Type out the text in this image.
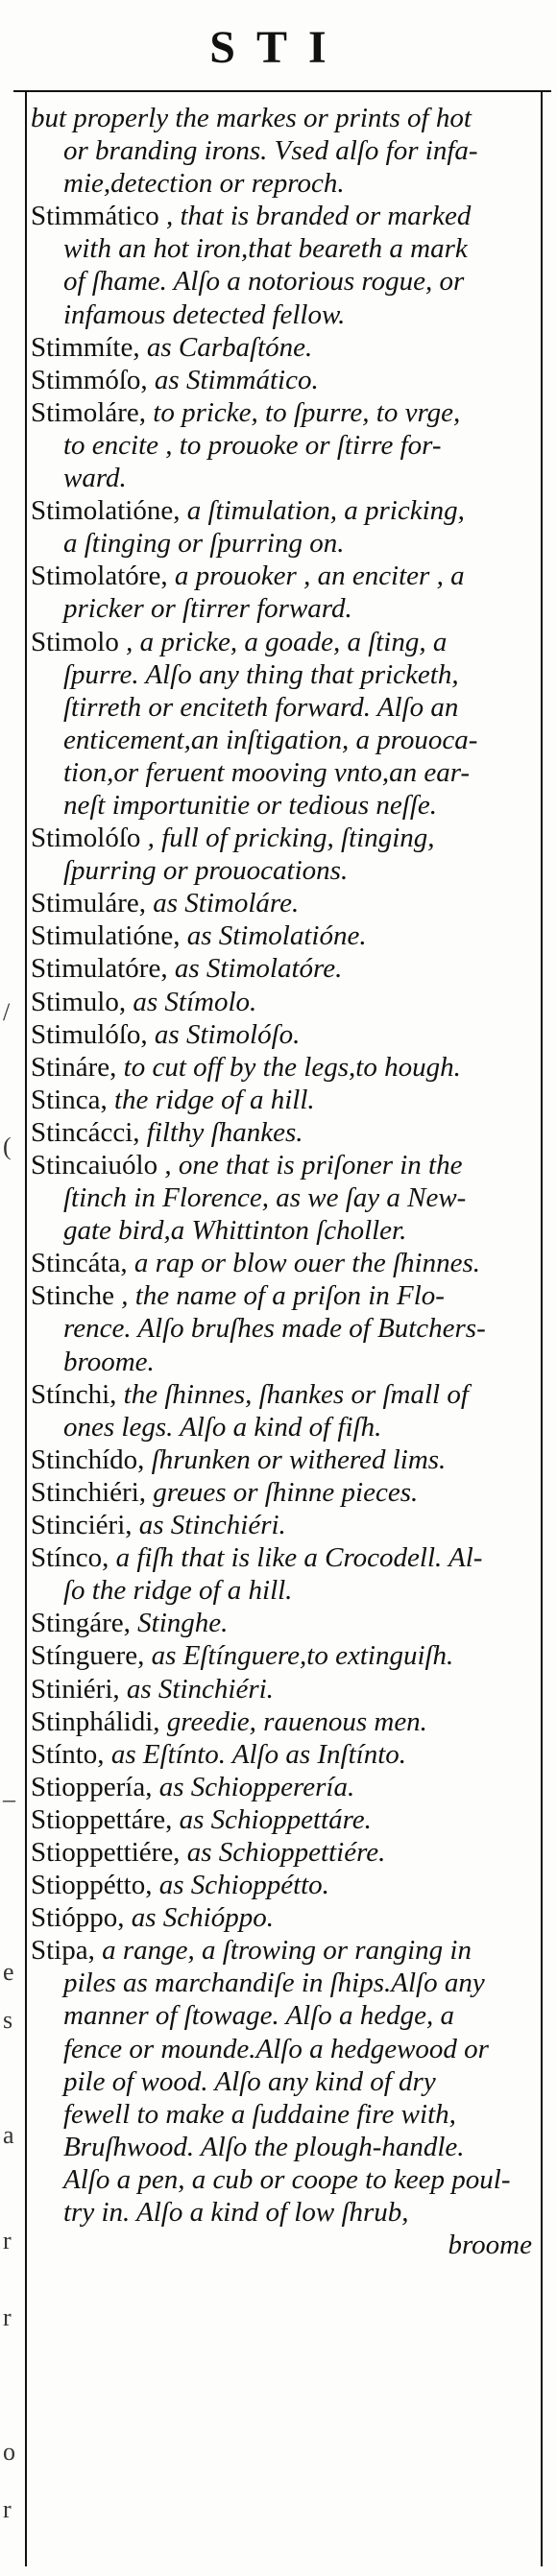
STI
/
(
–
e
s
a
r
r
o
r
but properly the markes or prints of hot
or branding irons. Vsed alſo for infa-
mie,detection or reproch.
Stimmático , that is branded or marked
with an hot iron,that beareth a mark
of ſhame. Alſo a notorious rogue, or
infamous detected fellow.
Stimmíte, as Carbaſtóne.
Stimmóſo, as Stimmático.
Stimoláre, to pricke, to ſpurre, to vrge,
to encite , to prouoke or ſtirre for-
ward.
Stimolatióne, a ſtimulation, a pricking,
a ſtinging or ſpurring on.
Stimolatóre, a prouoker , an enciter , a
pricker or ſtirrer forward.
Stimolo , a pricke, a goade, a ſting, a
ſpurre. Alſo any thing that pricketh,
ſtirreth or enciteth forward. Alſo an
enticement,an inſtigation, a prouoca-
tion,or feruent mooving vnto,an ear-
neſt importunitie or tedious neſſe.
Stimolóſo , full of pricking, ſtinging,
ſpurring or prouocations.
Stimuláre, as Stimoláre.
Stimulatióne, as Stimolatióne.
Stimulatóre, as Stimolatóre.
Stimulo, as Stímolo.
Stimulóſo, as Stimolóſo.
Stináre, to cut off by the legs,to hough.
Stinca, the ridge of a hill.
Stincácci, filthy ſhankes.
Stincaiuólo , one that is priſoner in the
ſtinch in Florence, as we ſay a New-
gate bird,a Whittinton ſcholler.
Stincáta, a rap or blow ouer the ſhinnes.
Stinche , the name of a priſon in Flo-
rence. Alſo bruſhes made of Butchers-
broome.
Stínchi, the ſhinnes, ſhankes or ſmall of
ones legs. Alſo a kind of fiſh.
Stinchído, ſhrunken or withered lims.
Stinchiéri, greues or ſhinne pieces.
Stinciéri, as Stinchiéri.
Stínco, a fiſh that is like a Crocodell. Al-
ſo the ridge of a hill.
Stingáre, Stinghe.
Stínguere, as Eſtínguere,to extinguiſh.
Stiniéri, as Stinchiéri.
Stinphálidi, greedie, rauenous men.
Stínto, as Eſtínto. Alſo as Inſtínto.
Stioppería, as Schiopperería.
Stioppettáre, as Schioppettáre.
Stioppettiére, as Schioppettiére.
Stioppétto, as Schioppétto.
Stióppo, as Schióppo.
Stipa, a range, a ſtrowing or ranging in
piles as marchandiſe in ſhips.Alſo any
manner of ſtowage. Alſo a hedge, a
fence or mounde.Alſo a hedgewood or
pile of wood. Alſo any kind of dry
fewell to make a ſuddaine fire with,
Bruſhwood. Alſo the plough-handle.
Alſo a pen, a cub or coope to keep poul-
try in. Alſo a kind of low ſhrub,
broome
